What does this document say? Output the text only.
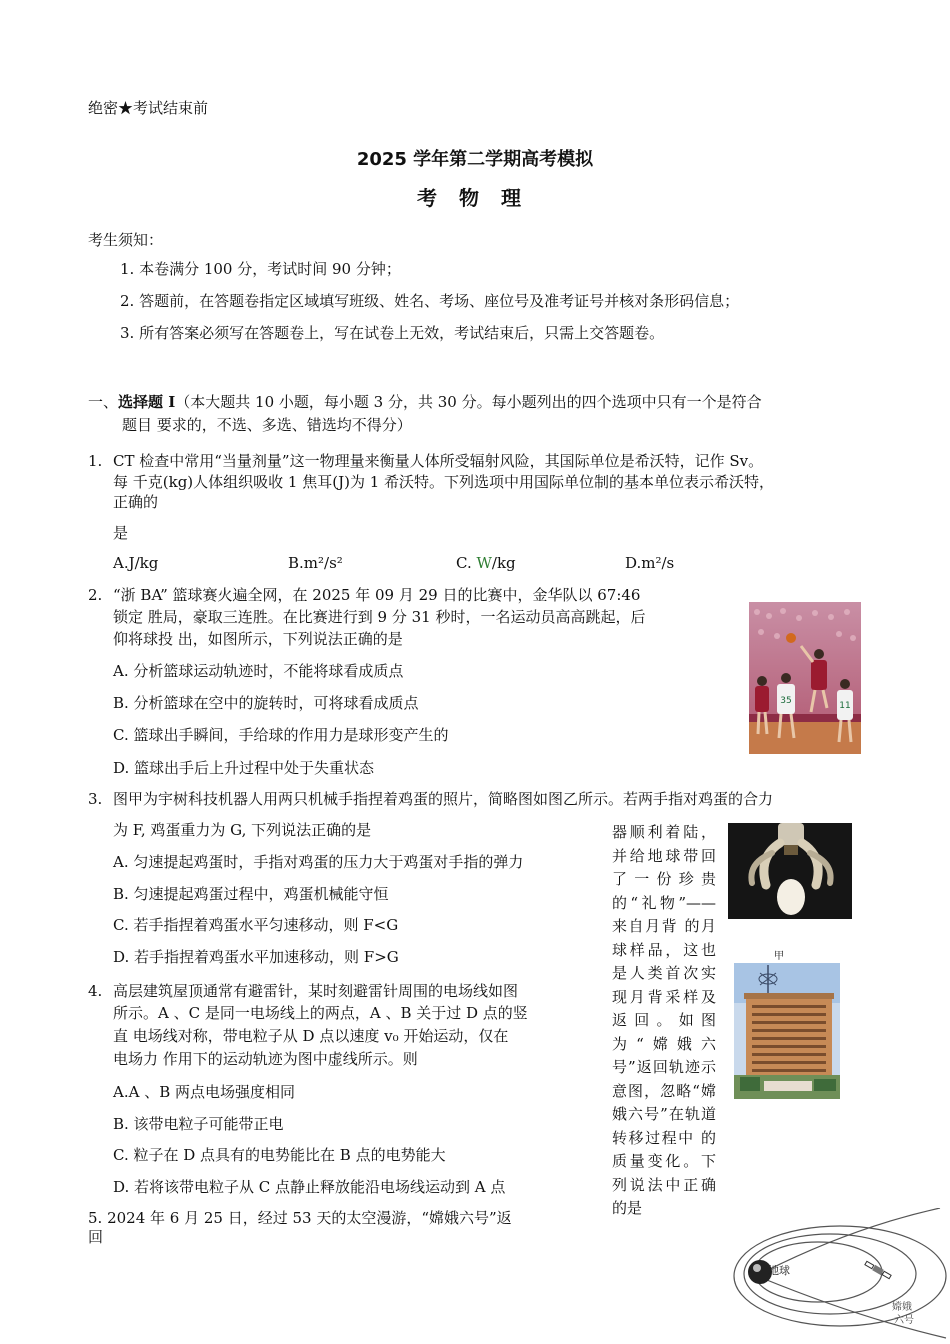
绝密★考试结束前
2025 学年第二学期高考模拟
考物理
考生须知：
1. 本卷满分 100 分，考试时间 90 分钟；
2. 答题前，在答题卷指定区域填写班级、姓名、考场、座位号及准考证号并核对条形码信息；
3. 所有答案必须写在答题卷上，写在试卷上无效，考试结束后，只需上交答题卷。
一、选择题 I（本大题共 10 小题，每小题 3 分，共 30 分。每小题列出的四个选项中只有一个是符合
题目 要求的，不选、多选、错选均不得分）
1. CT 检查中常用“当量剂量”这一物理量来衡量人体所受辐射风险，其国际单位是希沃特，记作 Sv。
每 千克(kg)人体组织吸收 1 焦耳(J)为 1 希沃特。下列选项中用国际单位制的基本单位表示希沃特，
正确的
是
A.J/kg	B.m²/s²	C. W/kg	D.m²/s
2. “浙 BA” 篮球赛火遍全网，在 2025 年 09 月 29 日的比赛中，金华队以 67:46
锁定 胜局，豪取三连胜。在比赛进行到 9 分 31 秒时，一名运动员高高跳起，后
仰将球投 出，如图所示，下列说法正确的是
A. 分析篮球运动轨迹时，不能将球看成质点
B. 分析篮球在空中的旋转时，可将球看成质点
C. 篮球出手瞬间，手给球的作用力是球形变产生的
D. 篮球出手后上升过程中处于失重状态
35	11
3. 图甲为宇树科技机器人用两只机械手指捏着鸡蛋的照片，简略图如图乙所示。若两手指对鸡蛋的合力
为 F, 鸡蛋重力为 G, 下列说法正确的是
A. 匀速提起鸡蛋时，手指对鸡蛋的压力大于鸡蛋对手指的弹力
B. 匀速提起鸡蛋过程中，鸡蛋机械能守恒
C. 若手指捏着鸡蛋水平匀速移动，则 F<G
D. 若手指捏着鸡蛋水平加速移动，则 F>G	甲
4. 高层建筑屋顶通常有避雷针，某时刻避雷针周围的电场线如图
所示。A 、C 是同一电场线上的两点，A 、B 关于过 D 点的竖
直 电场线对称，带电粒子从 D 点以速度 v₀ 开始运动，仅在
电场力 作用下的运动轨迹为图中虚线所示。则
A.A 、B 两点电场强度相同
B. 该带电粒子可能带正电
C. 粒子在 D 点具有的电势能比在 B 点的电势能大
D. 若将该带电粒子从 C 点静止释放能沿电场线运动到 A 点
5. 2024 年 6 月 25 日，经过 53 天的太空漫游，“嫦娥六号”返
回
器顺利着陆，并给地球带回了一份珍贵的“礼物”——来自月背 的月球样品，这也是人类首次实现月背采样及返回。如图为“嫦娥六号”返回轨迹示意图，忽略“嫦娥六号”在轨道转移过程中 的质量变化。下列说法中正确的是
地球
嫦娥
六号
